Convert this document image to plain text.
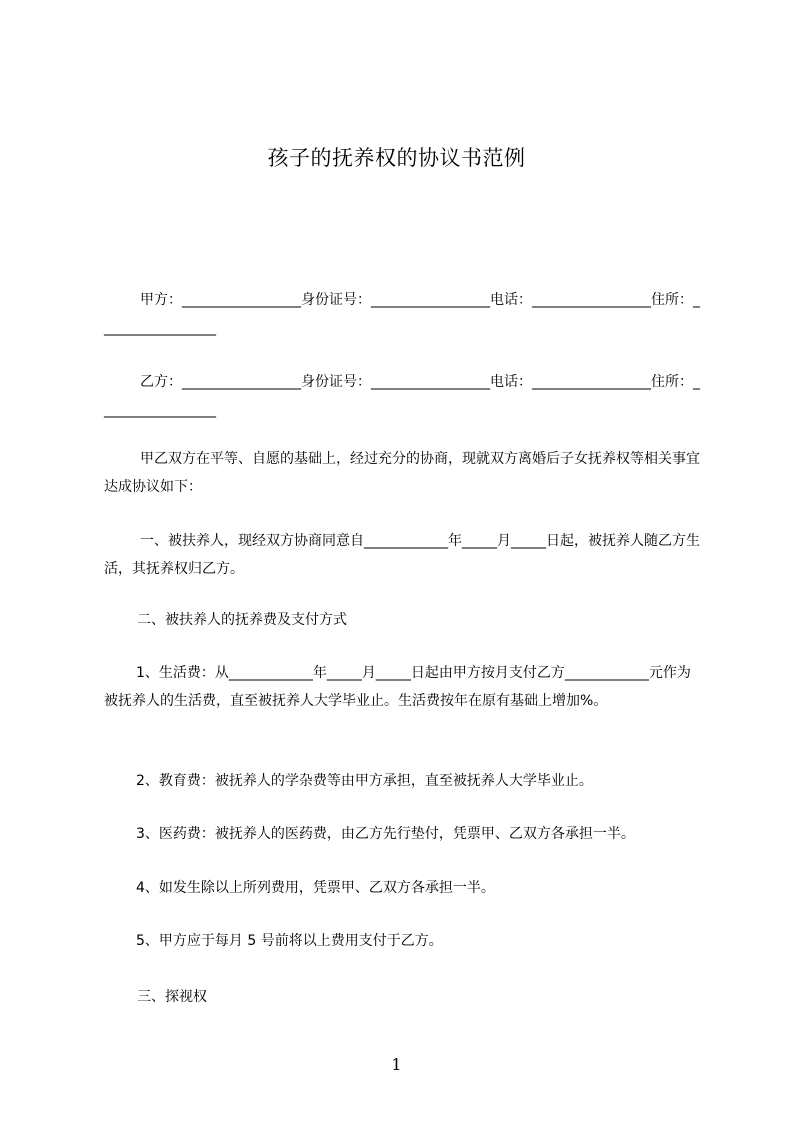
孩子的抚养权的协议书范例
甲方：_________________身份证号：_________________电话：_________________住所：_________________
乙方：_________________身份证号：_________________电话：_________________住所：_________________
甲乙双方在平等、自愿的基础上，经过充分的协商，现就双方离婚后子女抚养权等相关事宜达成协议如下：
一、被扶养人，现经双方协商同意自____________年_____月_____日起，被抚养人随乙方生活，其抚养权归乙方。
二、被扶养人的抚养费及支付方式
1、生活费：从____________年_____月_____日起由甲方按月支付乙方____________元作为被抚养人的生活费，直至被抚养人大学毕业止。生活费按年在原有基础上增加%。
2、教育费：被抚养人的学杂费等由甲方承担，直至被抚养人大学毕业止。
3、医药费：被抚养人的医药费，由乙方先行垫付，凭票甲、乙双方各承担一半。
4、如发生除以上所列费用，凭票甲、乙双方各承担一半。
5、甲方应于每月 5 号前将以上费用支付于乙方。
三、探视权
1
